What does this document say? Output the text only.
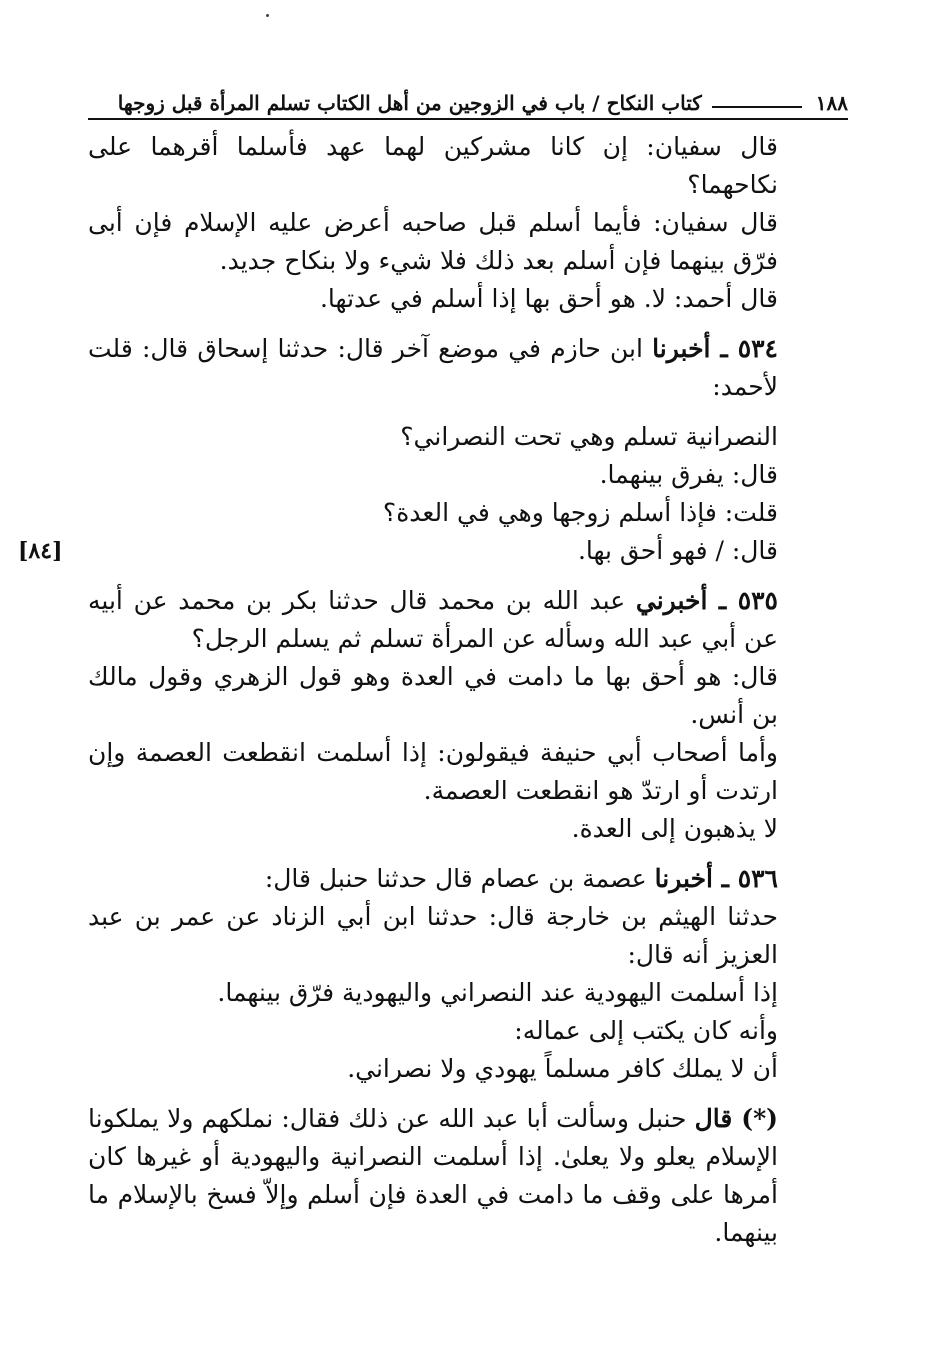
١٨٨
كتاب النكاح / باب في الزوجين من أهل الكتاب تسلم المرأة قبل زوجها

قال سفيان: إن كانا مشركين لهما عهد فأسلما أقرهما على نكاحهما؟

قال سفيان: فأيما أسلم قبل صاحبه أعرض عليه الإسلام فإن أبى فرّق بينهما فإن أسلم بعد ذلك فلا شيء ولا بنكاح جديد.

قال أحمد: لا. هو أحق بها إذا أسلم في عدتها.

٥٣٤ ـ أخبرنا ابن حازم في موضع آخر قال: حدثنا إسحاق قال: قلت لأحمد:

النصرانية تسلم وهي تحت النصراني؟

قال: يفرق بينهما.

قلت: فإذا أسلم زوجها وهي في العدة؟

قال: / فهو أحق بها.
[٨٤]

٥٣٥ ـ أخبرني عبد الله بن محمد قال حدثنا بكر بن محمد عن أبيه عن أبي عبد الله وسأله عن المرأة تسلم ثم يسلم الرجل؟

قال: هو أحق بها ما دامت في العدة وهو قول الزهري وقول مالك بن أنس.

وأما أصحاب أبي حنيفة فيقولون: إذا أسلمت انقطعت العصمة وإن ارتدت أو ارتدّ هو انقطعت العصمة.

لا يذهبون إلى العدة.

٥٣٦ ـ أخبرنا عصمة بن عصام قال حدثنا حنبل قال:

حدثنا الهيثم بن خارجة قال: حدثنا ابن أبي الزناد عن عمر بن عبد العزيز أنه قال:

إذا أسلمت اليهودية عند النصراني واليهودية فرّق بينهما.

وأنه كان يكتب إلى عماله:

أن لا يملك كافر مسلماً يهودي ولا نصراني.

(*) قال حنبل وسألت أبا عبد الله عن ذلك فقال: نملكهم ولا يملكونا الإسلام يعلو ولا يعلىٰ. إذا أسلمت النصرانية واليهودية أو غيرها كان أمرها على وقف ما دامت في العدة فإن أسلم وإلاّ فسخ بالإسلام ما بينهما.
